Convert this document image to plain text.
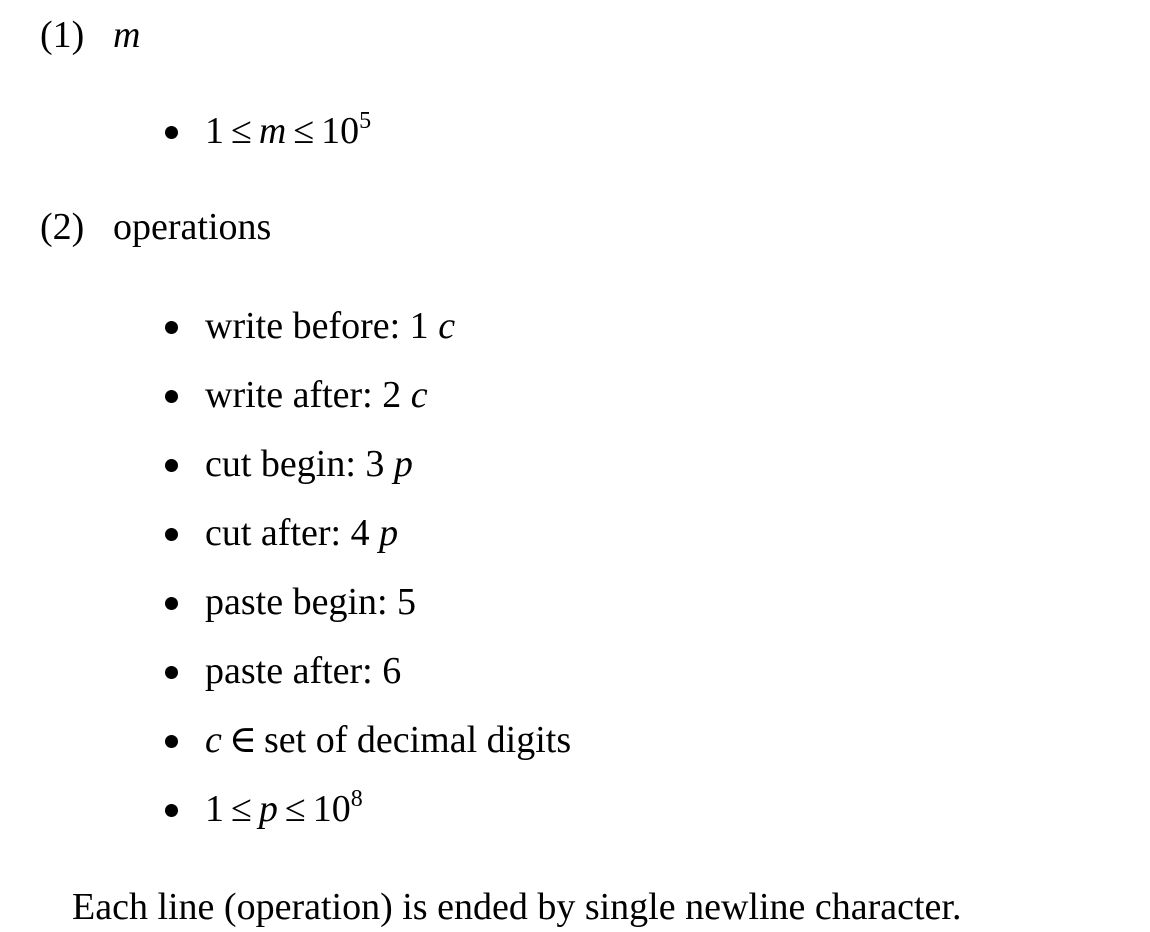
(1) m
$1 \le m \le 10^5$
(2) operations
write before: 1 c
write after: 2 c
cut begin: 3 p
cut after: 4 p
paste begin: 5
paste after: 6
c ∈ set of decimal digits
$1 \le p \le 10^8$
Each line (operation) is ended by single newline character.
